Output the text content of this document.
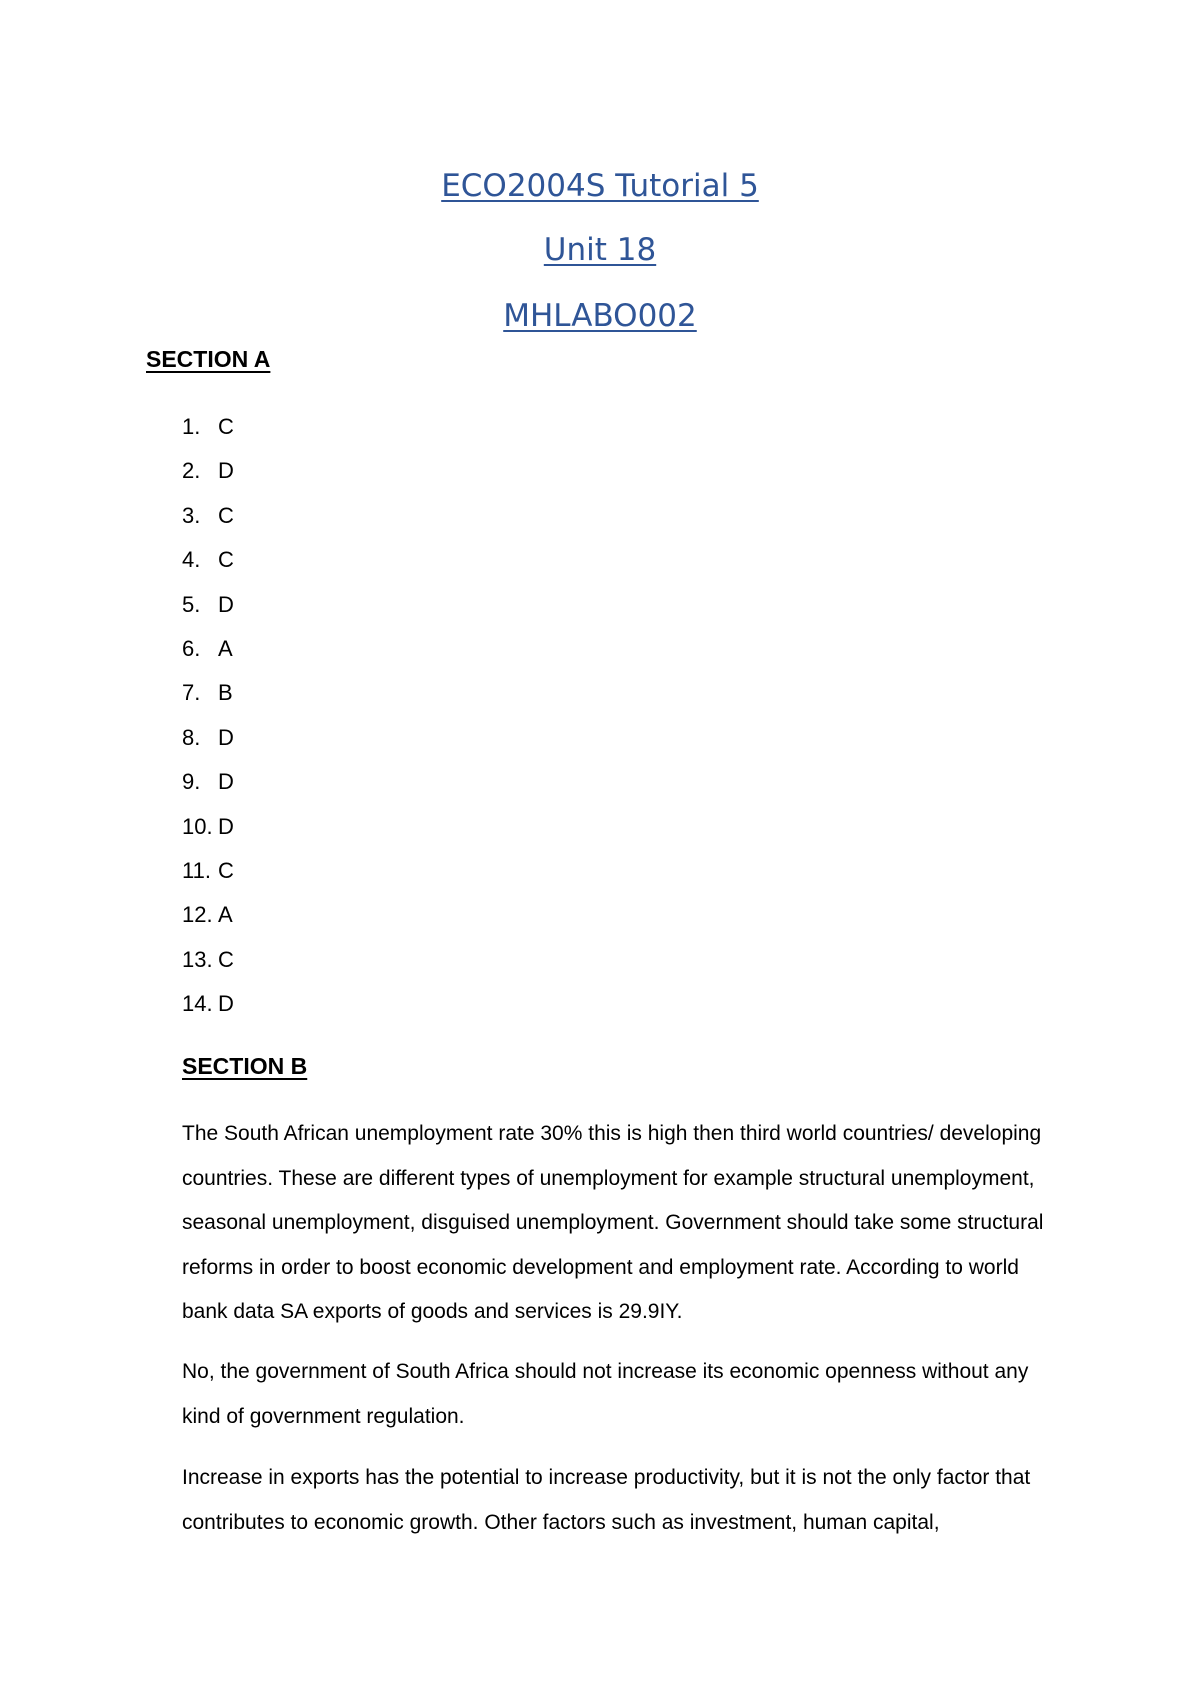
ECO2004S Tutorial 5
Unit 18
MHLABO002
SECTION A
1. C
2. D
3. C
4. C
5. D
6. A
7. B
8. D
9. D
10. D
11. C
12. A
13. C
14. D
SECTION B

The South African unemployment rate 30% this is high then third world countries/ developing countries. These are different types of unemployment for example structural unemployment, seasonal unemployment, disguised unemployment. Government should take some structural reforms in order to boost economic development and employment rate. According to world bank data SA exports of goods and services is 29.9IY.

No, the government of South Africa should not increase its economic openness without any kind of government regulation.

Increase in exports has the potential to increase productivity, but it is not the only factor that contributes to economic growth. Other factors such as investment, human capital,
